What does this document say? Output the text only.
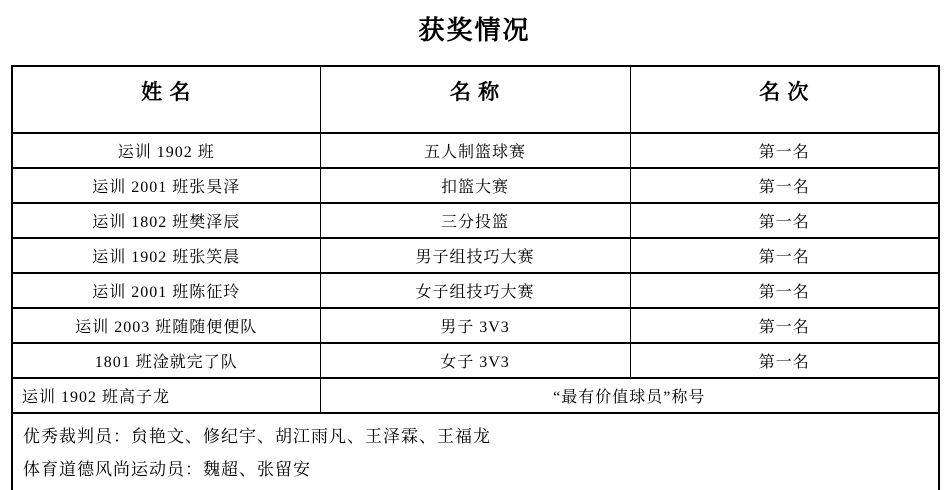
获奖情况
姓 名	名 称	名 次
运训 1902 班	五人制篮球赛	第一名
运训 2001 班张昊泽	扣篮大赛	第一名
运训 1802 班樊泽辰	三分投篮	第一名
运训 1902 班张笑晨	男子组技巧大赛	第一名
运训 2001 班陈征玲	女子组技巧大赛	第一名
运训 2003 班随随便便队	男子 3V3	第一名
1801 班淦就完了队	女子 3V3	第一名
运训 1902 班高子龙	“最有价值球员”称号	

优秀裁判员：贠艳文、修纪宇、胡江雨凡、王泽霖、王福龙
体育道德风尚运动员：魏超、张留安		
